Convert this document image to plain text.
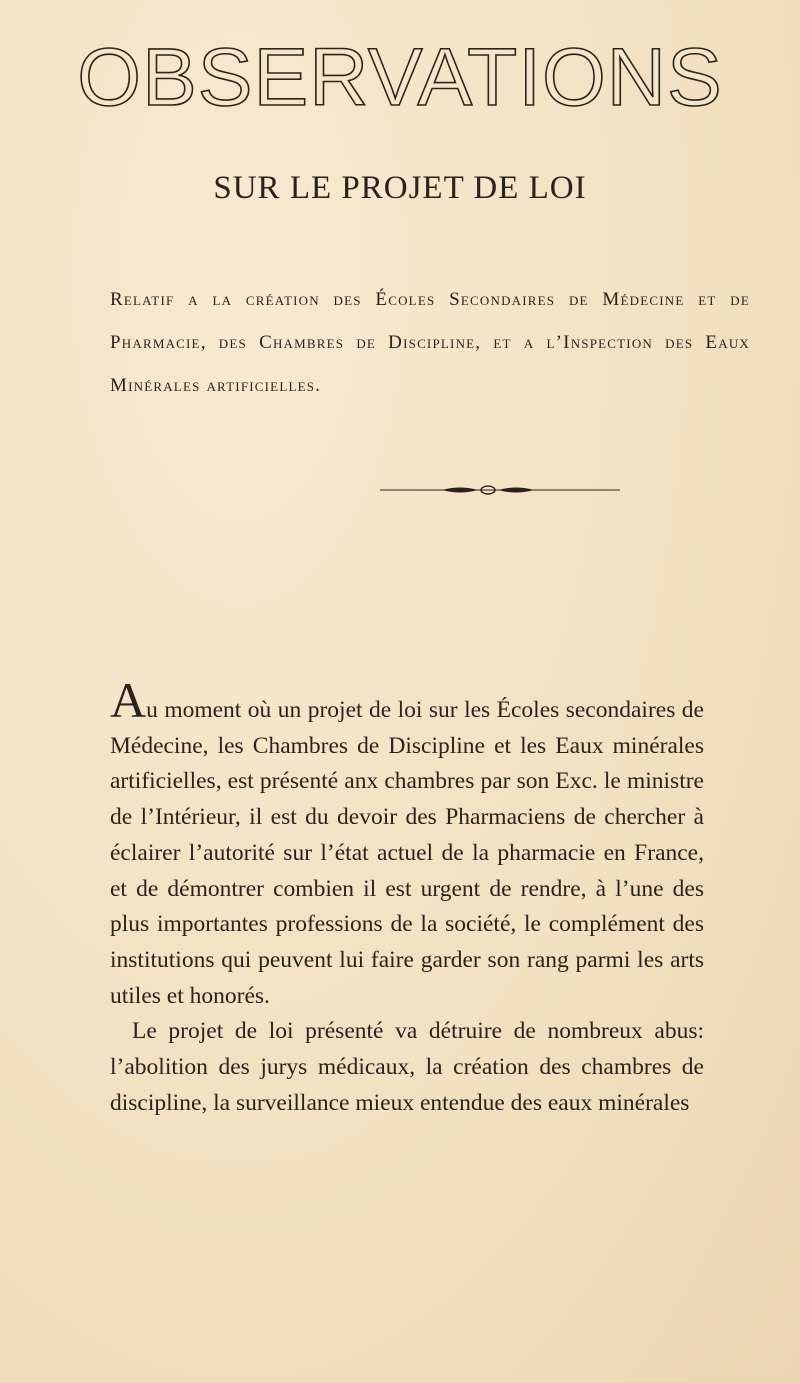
OBSERVATIONS
SUR LE PROJET DE LOI
Relatif a la création des Écoles Secondaires de Médecine et de Pharmacie, des Chambres de Discipline, et a l’Inspection des Eaux Minérales artificielles.

Au moment où un projet de loi sur les Écoles secondaires de Médecine, les Chambres de Discipline et les Eaux minérales artificielles, est présenté anx chambres par son Exc. le ministre de l’Intérieur, il est du devoir des Pharmaciens de chercher à éclairer l’autorité sur l’état actuel de la pharmacie en France, et de démontrer combien il est urgent de rendre, à l’une des plus importantes professions de la société, le complément des institutions qui peuvent lui faire garder son rang parmi les arts utiles et honorés.

Le projet de loi présenté va détruire de nombreux abus: l’abolition des jurys médicaux, la création des chambres de discipline, la surveillance mieux entendue des eaux minérales
